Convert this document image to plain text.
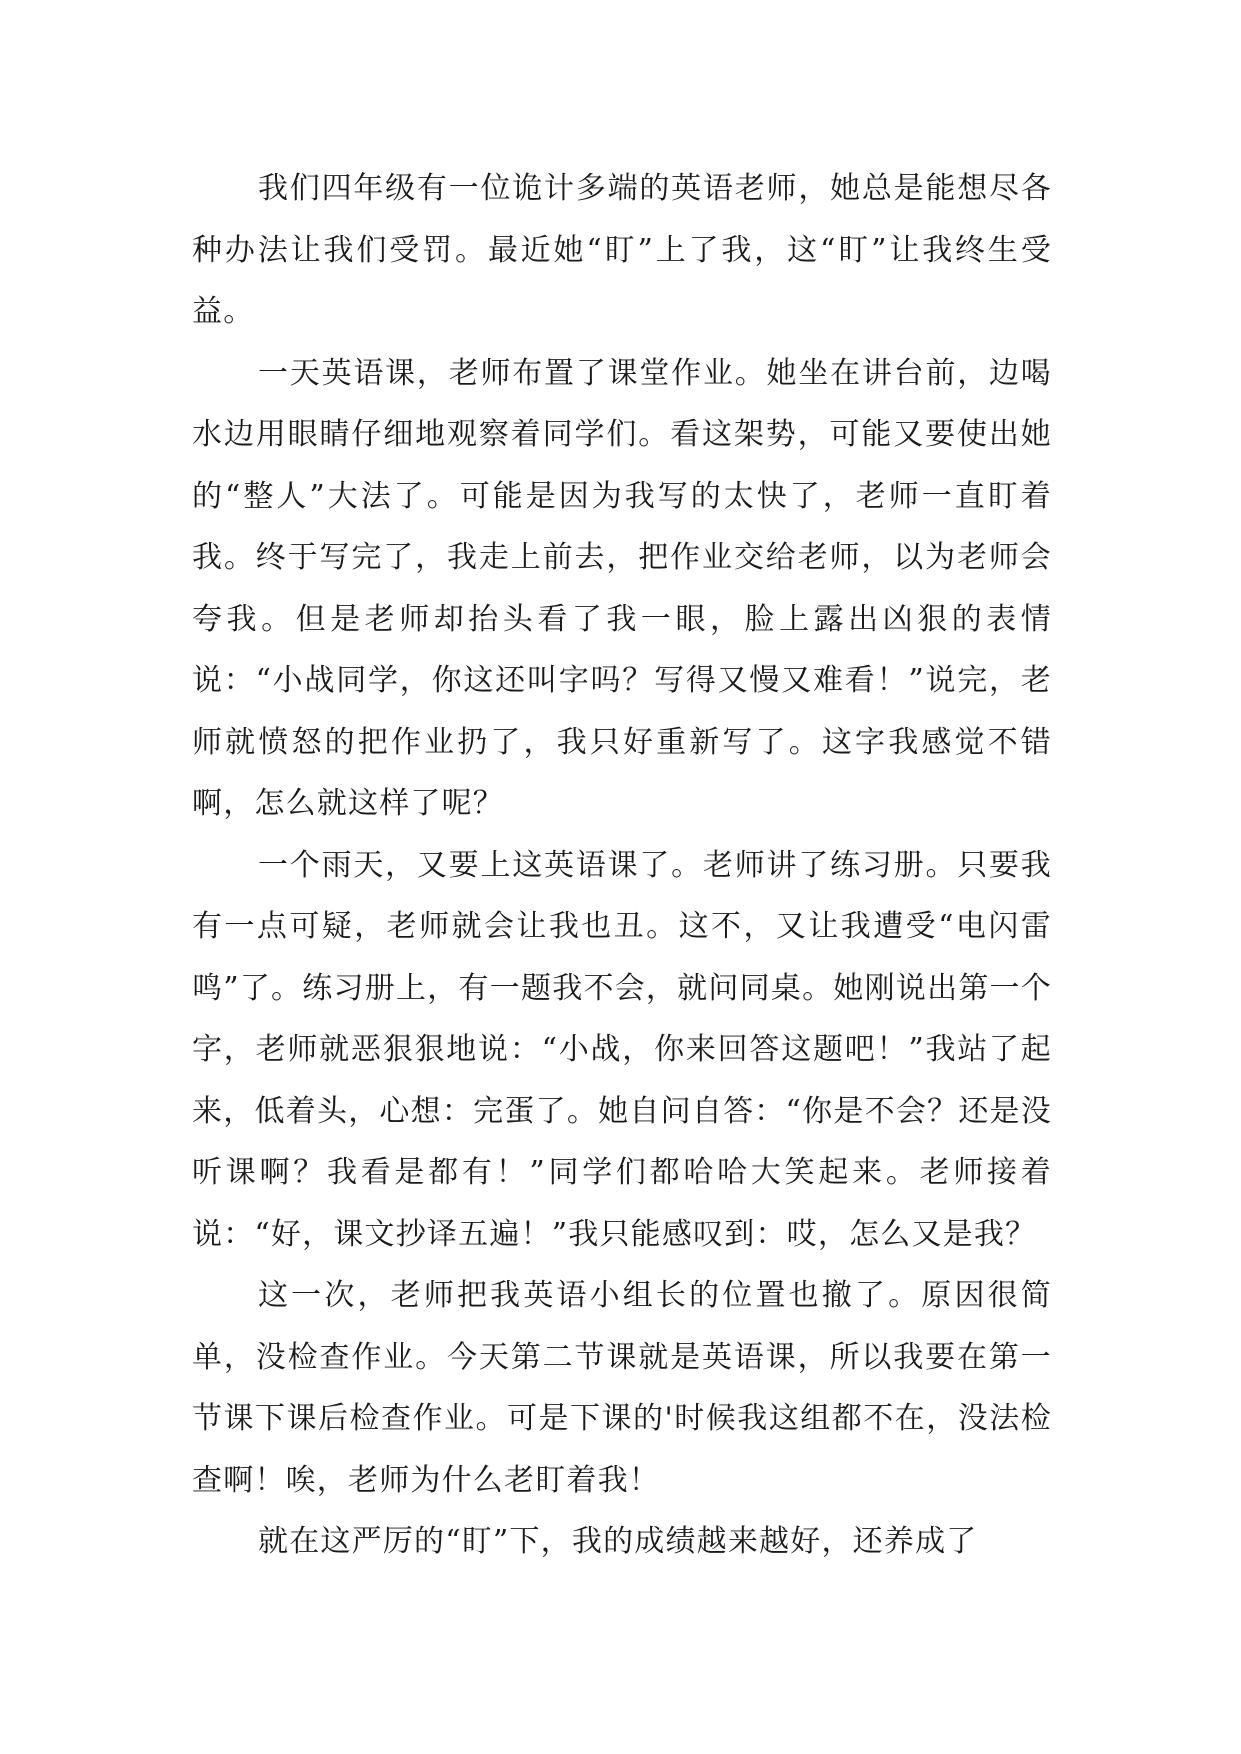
我们四年级有一位诡计多端的英语老师，她总是能想尽各种办法让我们受罚。最近她“盯”上了我，这“盯”让我终生受益。

一天英语课，老师布置了课堂作业。她坐在讲台前，边喝水边用眼睛仔细地观察着同学们。看这架势，可能又要使出她的“整人”大法了。可能是因为我写的太快了，老师一直盯着我。终于写完了，我走上前去，把作业交给老师，以为老师会夸我。但是老师却抬头看了我一眼，脸上露出凶狠的表情说：“小战同学，你这还叫字吗？写得又慢又难看！”说完，老师就愤怒的把作业扔了，我只好重新写了。这字我感觉不错啊，怎么就这样了呢？

一个雨天，又要上这英语课了。老师讲了练习册。只要我有一点可疑，老师就会让我也丑。这不，又让我遭受“电闪雷鸣”了。练习册上，有一题我不会，就问同桌。她刚说出第一个字，老师就恶狠狠地说：“小战，你来回答这题吧！”我站了起来，低着头，心想：完蛋了。她自问自答：“你是不会？还是没听课啊？我看是都有！”同学们都哈哈大笑起来。老师接着说：“好，课文抄译五遍！”我只能感叹到：哎，怎么又是我？

这一次，老师把我英语小组长的位置也撤了。原因很简单，没检查作业。今天第二节课就是英语课，所以我要在第一节课下课后检查作业。可是下课的'时候我这组都不在，没法检查啊！唉，老师为什么老盯着我！

就在这严厉的“盯”下，我的成绩越来越好，还养成了
